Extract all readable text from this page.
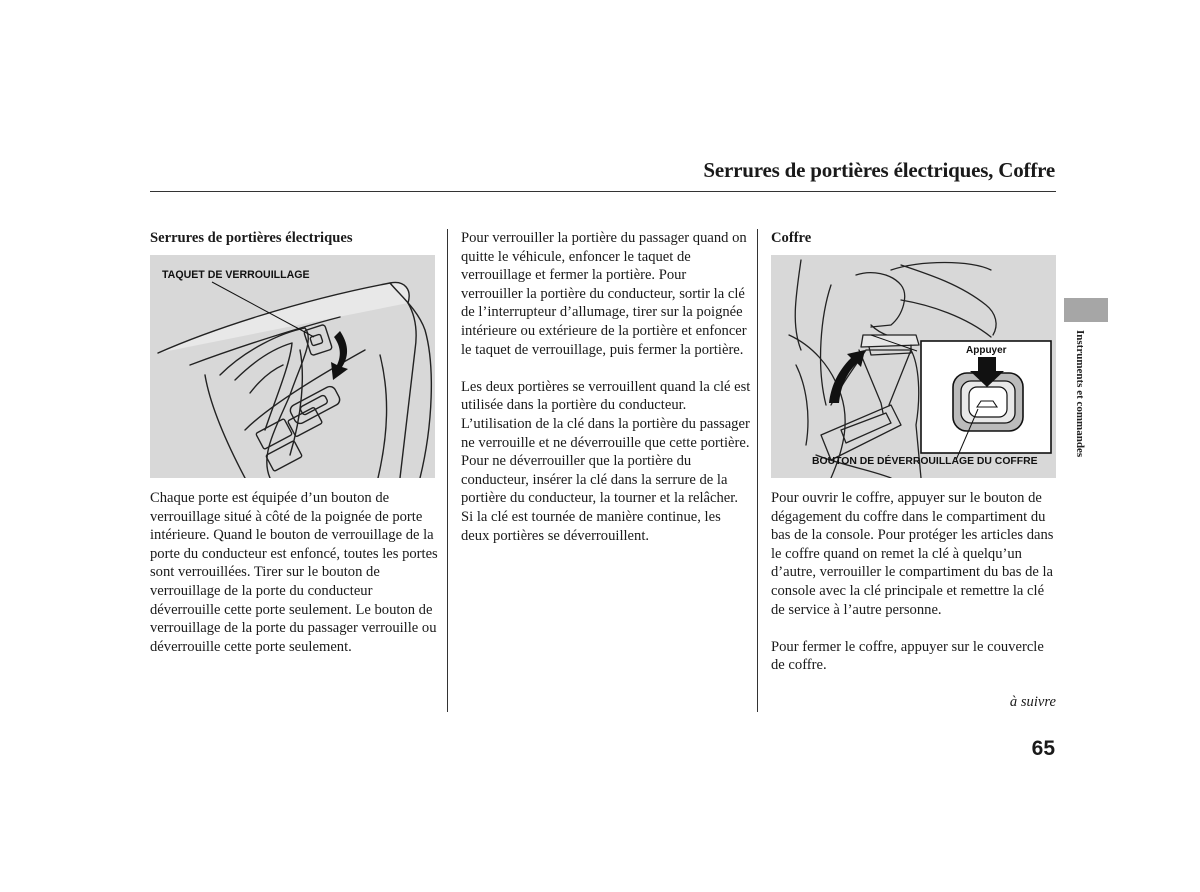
Serrures de portières électriques, Coffre

Serrures de portières électriques

TAQUET DE VERROUILLAGE

Chaque porte est équipée d’un bouton de verrouillage situé à côté de la poignée de porte intérieure. Quand le bouton de verrouillage de la porte du conducteur est enfoncé, toutes les portes sont verrouillées. Tirer sur le bouton de verrouillage de la porte du conducteur déverrouille cette porte seulement. Le bouton de verrouillage de la porte du passager verrouille ou déverrouille cette porte seulement.

Pour verrouiller la portière du passager quand on quitte le véhicule, enfoncer le taquet de verrouillage et fermer la portière. Pour verrouiller la portière du conducteur, sortir la clé de l’interrupteur d’allumage, tirer sur la poignée intérieure ou extérieure de la portière et enfoncer le taquet de verrouillage, puis fermer la portière.

Les deux portières se verrouillent quand la clé est utilisée dans la portière du conducteur. L’utilisation de la clé dans la portière du passager ne verrouille et ne déverrouille que cette portière.

Pour ne déverrouiller que la portière du conducteur, insérer la clé dans la serrure de la portière du conducteur, la tourner et la relâcher. Si la clé est tournée de manière continue, les deux portières se déverrouillent.

Coffre

Appuyer
BOUTON DE DÉVERROUILLAGE DU COFFRE

Pour ouvrir le coffre, appuyer sur le bouton de dégagement du coffre dans le compartiment du bas de la console. Pour protéger les articles dans le coffre quand on remet la clé à quelqu’un d’autre, verrouiller le compartiment du bas de la console avec la clé principale et remettre la clé de service à l’autre personne.

Pour fermer le coffre, appuyer sur le couvercle de coffre.

à suivre
Instruments et commandes
65
